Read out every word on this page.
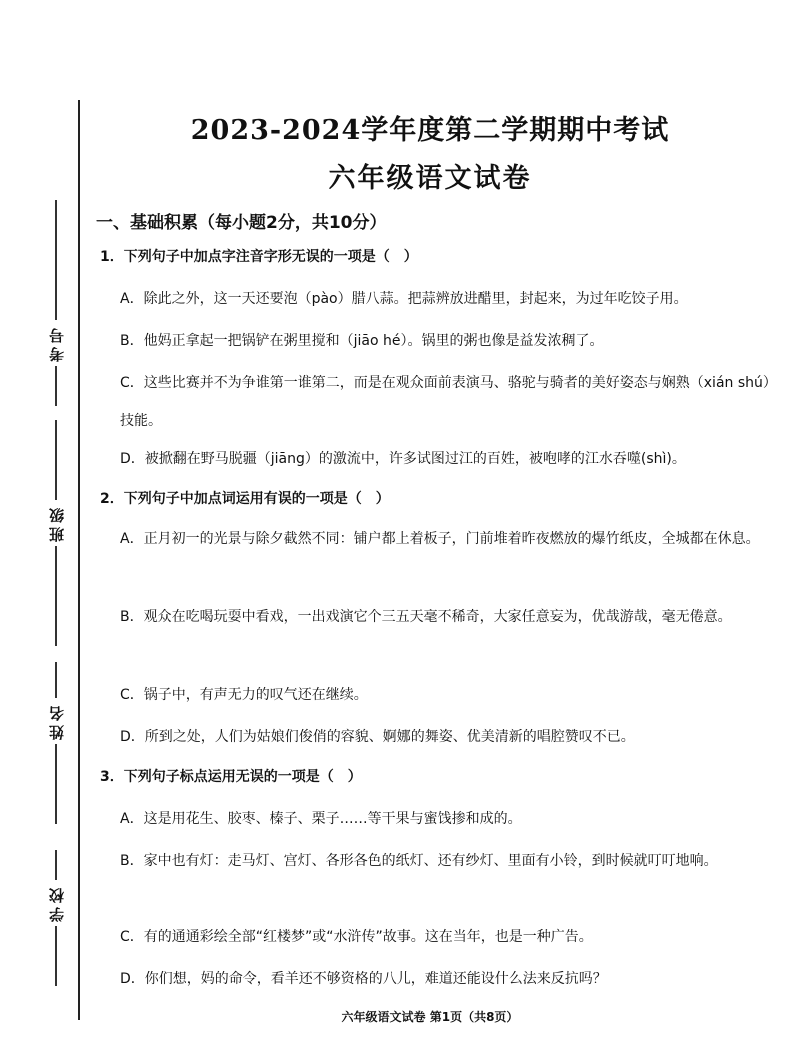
考号
班级
姓名
学校
2023-2024学年度第二学期期中考试
六年级语文试卷
一、基础积累（每小题2分，共10分）
1．下列句子中加点字注音字形无误的一项是（　）
A．除此之外，这一天还要泡（pào）腊八蒜。把蒜辨放进醋里，封起来，为过年吃饺子用。
B．他妈正拿起一把锅铲在粥里搅和（jiāo hé）。锅里的粥也像是益发浓稠了。
C．这些比赛并不为争谁第一谁第二，而是在观众面前表演马、骆驼与骑者的美好姿态与娴熟（xián shú）技能。
D．被掀翻在野马脱疆（jiāng）的激流中，许多试图过江的百姓，被咆哮的江水吞噬(shì)。
2．下列句子中加点词运用有误的一项是（　）
A．正月初一的光景与除夕截然不同：铺户都上着板子，门前堆着昨夜燃放的爆竹纸皮，全城都在休息。
B．观众在吃喝玩耍中看戏，一出戏演它个三五天毫不稀奇，大家任意妄为，优哉游哉，毫无倦意。
C．锅子中，有声无力的叹气还在继续。
D．所到之处，人们为姑娘们俊俏的容貌、婀娜的舞姿、优美清新的唱腔赞叹不已。
3．下列句子标点运用无误的一项是（　）
A．这是用花生、胶枣、榛子、栗子……等干果与蜜饯掺和成的。
B．家中也有灯：走马灯、宫灯、各形各色的纸灯、还有纱灯、里面有小铃，到时候就叮叮地响。
C．有的通通彩绘全部“红楼梦”或“水浒传”故事。这在当年，也是一种广告。
D．你们想，妈的命令，看羊还不够资格的八儿，难道还能设什么法来反抗吗？
六年级语文试卷 第1页（共8页）
